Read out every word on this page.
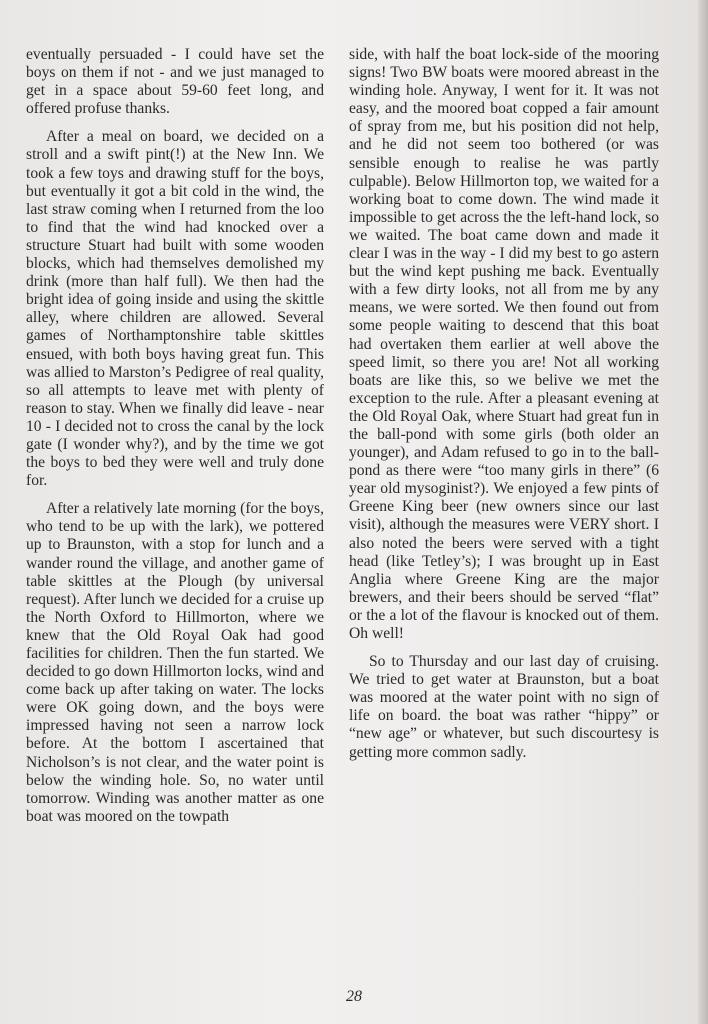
eventually persuaded - I could have set the boys on them if not - and we just managed to get in a space about 59-60 feet long, and offered profuse thanks.

After a meal on board, we decided on a stroll and a swift pint(!) at the New Inn. We took a few toys and drawing stuff for the boys, but eventually it got a bit cold in the wind, the last straw coming when I returned from the loo to find that the wind had knocked over a structure Stuart had built with some wooden blocks, which had themselves demolished my drink (more than half full). We then had the bright idea of going inside and using the skittle alley, where children are allowed. Several games of Northamptonshire table skittles ensued, with both boys having great fun. This was allied to Marston’s Pedigree of real quality, so all attempts to leave met with plenty of reason to stay. When we finally did leave - near 10 - I decided not to cross the canal by the lock gate (I wonder why?), and by the time we got the boys to bed they were well and truly done for.

After a relatively late morning (for the boys, who tend to be up with the lark), we pottered up to Braunston, with a stop for lunch and a wander round the village, and another game of table skittles at the Plough (by universal request). After lunch we decided for a cruise up the North Oxford to Hillmorton, where we knew that the Old Royal Oak had good facilities for children. Then the fun started. We decided to go down Hillmorton locks, wind and come back up after taking on water. The locks were OK going down, and the boys were impressed having not seen a narrow lock before. At the bottom I ascertained that Nicholson’s is not clear, and the water point is below the winding hole. So, no water until tomorrow. Winding was another matter as one boat was moored on the towpath

side, with half the boat lock-side of the mooring signs! Two BW boats were moored abreast in the winding hole. Anyway, I went for it. It was not easy, and the moored boat copped a fair amount of spray from me, but his position did not help, and he did not seem too bothered (or was sensible enough to realise he was partly culpable). Below Hillmorton top, we waited for a working boat to come down. The wind made it impossible to get across the the left-hand lock, so we waited. The boat came down and made it clear I was in the way - I did my best to go astern but the wind kept pushing me back. Eventually with a few dirty looks, not all from me by any means, we were sorted. We then found out from some people waiting to descend that this boat had overtaken them earlier at well above the speed limit, so there you are! Not all working boats are like this, so we belive we met the exception to the rule. After a pleasant evening at the Old Royal Oak, where Stuart had great fun in the ball-pond with some girls (both older an younger), and Adam refused to go in to the ball-pond as there were “too many girls in there” (6 year old mysoginist?). We enjoyed a few pints of Greene King beer (new owners since our last visit), although the measures were VERY short. I also noted the beers were served with a tight head (like Tetley’s); I was brought up in East Anglia where Greene King are the major brewers, and their beers should be served “flat” or the a lot of the flavour is knocked out of them. Oh well!

So to Thursday and our last day of cruising. We tried to get water at Braunston, but a boat was moored at the water point with no sign of life on board. the boat was rather “hippy” or “new age” or whatever, but such discourtesy is getting more common sadly.

28
